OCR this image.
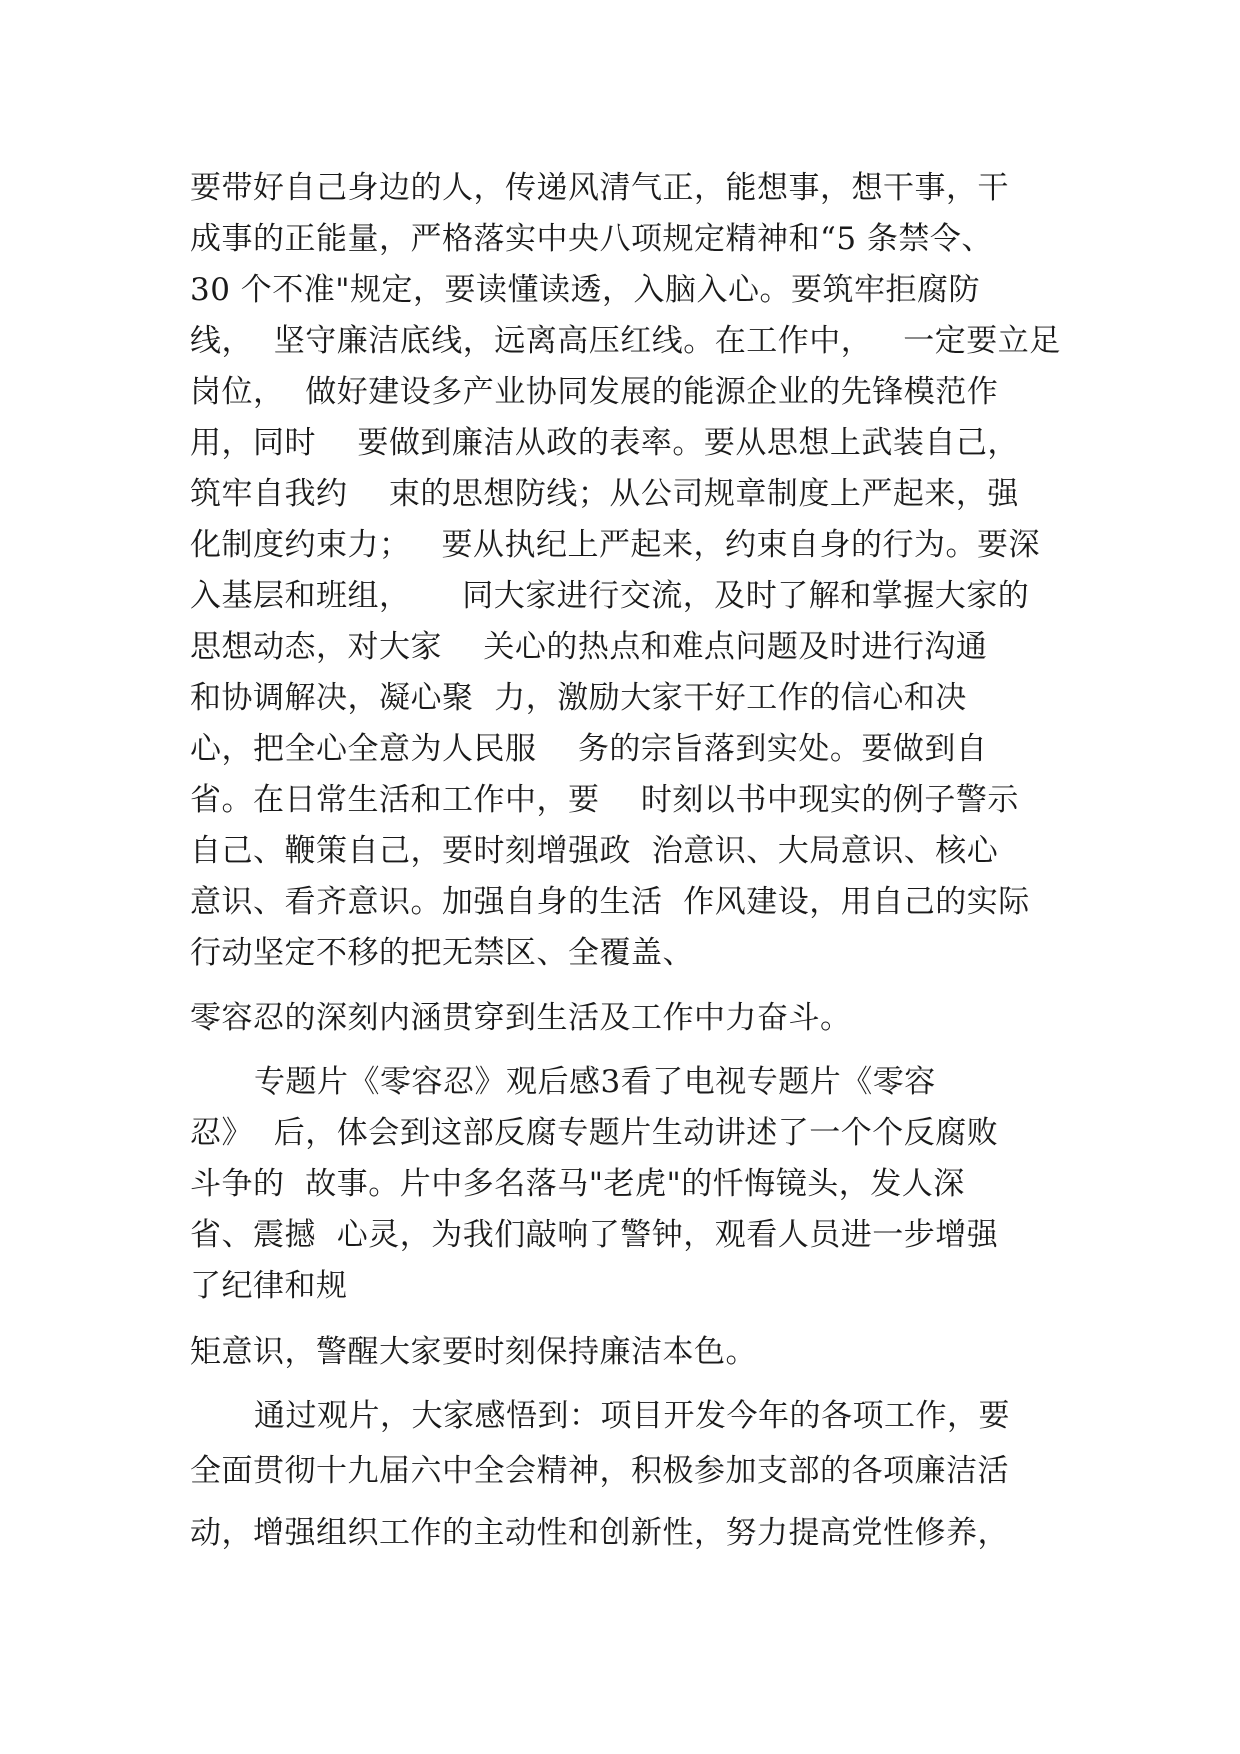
要带好自己身边的人，传递风清气正，能想事，想干事，干
成事的正能量，严格落实中央八项规定精神和“5 条禁令、
30 个不准"规定，要读懂读透，入脑入心。要筑牢拒腐防
线，  坚守廉洁底线，远离高压红线。在工作中，   一定要立足
岗位，  做好建设多产业协同发展的能源企业的先锋模范作
用，同时    要做到廉洁从政的表率。要从思想上武装自己，
筑牢自我约    束的思想防线；从公司规章制度上严起来，强
化制度约束力；   要从执纪上严起来，约束自身的行为。要深
入基层和班组，     同大家进行交流，及时了解和掌握大家的
思想动态，对大家    关心的热点和难点问题及时进行沟通
和协调解决，凝心聚  力，激励大家干好工作的信心和决
心，把全心全意为人民服    务的宗旨落到实处。要做到自
省。在日常生活和工作中，要    时刻以书中现实的例子警示
自己、鞭策自己，要时刻增强政  治意识、大局意识、核心
意识、看齐意识。加强自身的生活  作风建设，用自己的实际
行动坚定不移的把无禁区、全覆盖、
零容忍的深刻内涵贯穿到生活及工作中力奋斗。
专题片《零容忍》观后感3看了电视专题片《零容
忍》  后，体会到这部反腐专题片生动讲述了一个个反腐败
斗争的  故事。片中多名落马"老虎"的忏悔镜头，发人深
省、震撼  心灵，为我们敲响了警钟，观看人员进一步增强
了纪律和规
矩意识，警醒大家要时刻保持廉洁本色。
通过观片，大家感悟到：项目开发今年的各项工作，要
全面贯彻十九届六中全会精神，积极参加支部的各项廉洁活
动，增强组织工作的主动性和创新性，努力提高党性修养，
